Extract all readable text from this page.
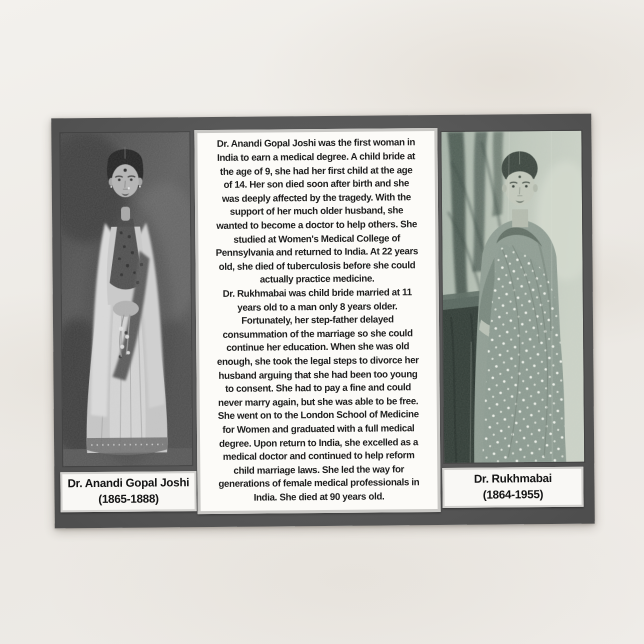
Dr. Anandi Gopal Joshi was the first woman in
India to earn a medical degree. A child bride at
the age of 9, she had her first child at the age
of 14. Her son died soon after birth and she
was deeply affected by the tragedy. With the
support of her much older husband, she
wanted to become a doctor to help others. She
studied at Women's Medical College of
Pennsylvania and returned to India. At 22 years
old, she died of tuberculosis before she could
actually practice medicine.
Dr. Rukhmabai was child bride married at 11
years old to a man only 8 years older.
Fortunately, her step-father delayed
consummation of the marriage so she could
continue her education. When she was old
enough, she took the legal steps to divorce her
husband arguing that she had been too young
to consent. She had to pay a fine and could
never marry again, but she was able to be free.
She went on to the London School of Medicine
for Women and graduated with a full medical
degree. Upon return to India, she excelled as a
medical doctor and continued to help reform
child marriage laws. She led the way for
generations of female medical professionals in
India. She died at 90 years old.
Dr. Anandi Gopal Joshi
(1865-1888)
Dr. Rukhmabai
(1864-1955)
